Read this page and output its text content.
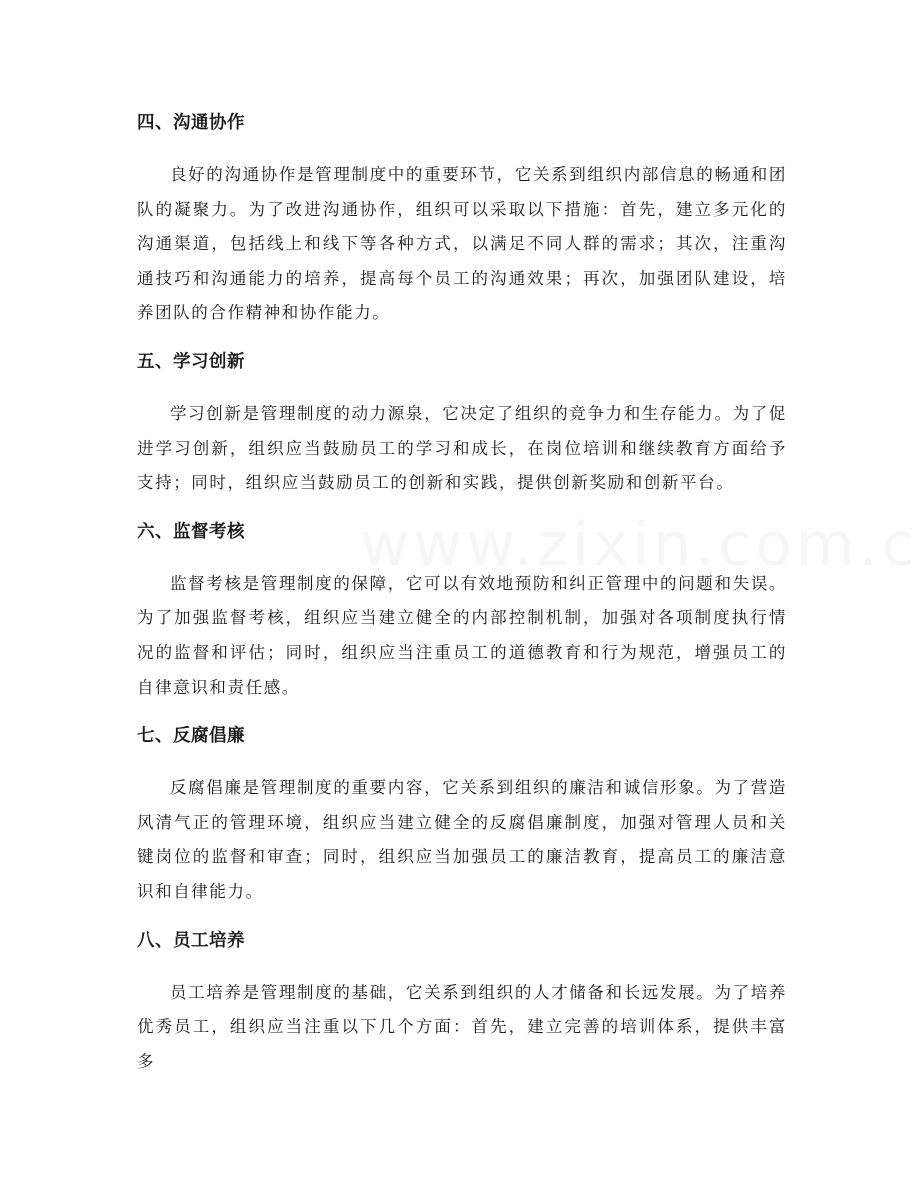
四、沟通协作

良好的沟通协作是管理制度中的重要环节，它关系到组织内部信息的畅通和团队的凝聚力。为了改进沟通协作，组织可以采取以下措施：首先，建立多元化的沟通渠道，包括线上和线下等各种方式，以满足不同人群的需求；其次，注重沟通技巧和沟通能力的培养，提高每个员工的沟通效果；再次，加强团队建设，培养团队的合作精神和协作能力。

五、学习创新

学习创新是管理制度的动力源泉，它决定了组织的竞争力和生存能力。为了促进学习创新，组织应当鼓励员工的学习和成长，在岗位培训和继续教育方面给予支持；同时，组织应当鼓励员工的创新和实践，提供创新奖励和创新平台。

六、监督考核

监督考核是管理制度的保障，它可以有效地预防和纠正管理中的问题和失误。为了加强监督考核，组织应当建立健全的内部控制机制，加强对各项制度执行情况的监督和评估；同时，组织应当注重员工的道德教育和行为规范，增强员工的自律意识和责任感。

七、反腐倡廉

反腐倡廉是管理制度的重要内容，它关系到组织的廉洁和诚信形象。为了营造风清气正的管理环境，组织应当建立健全的反腐倡廉制度，加强对管理人员和关键岗位的监督和审查；同时，组织应当加强员工的廉洁教育，提高员工的廉洁意识和自律能力。

八、员工培养

员工培养是管理制度的基础，它关系到组织的人才储备和长远发展。为了培养优秀员工，组织应当注重以下几个方面：首先，建立完善的培训体系，提供丰富多
